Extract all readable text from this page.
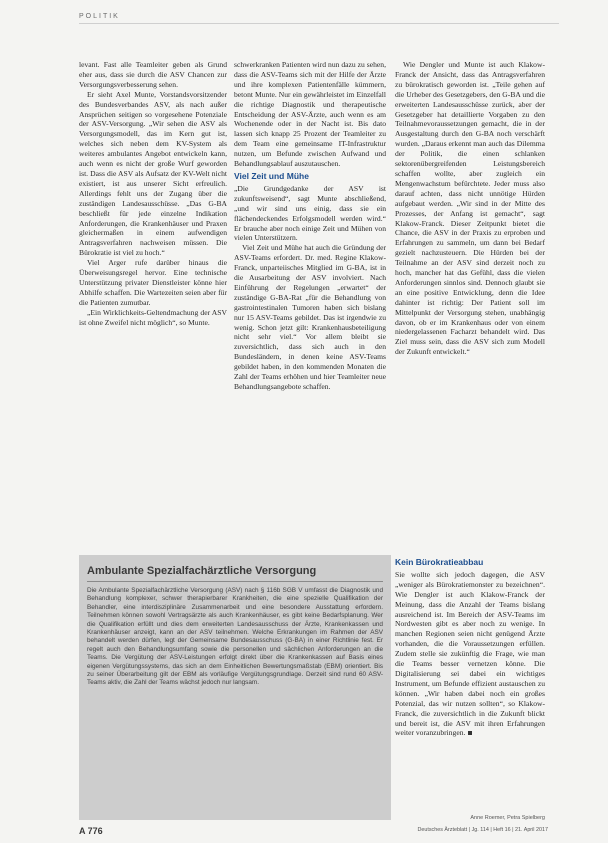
POLITIK

levant. Fast alle Teamleiter geben als Grund eher aus, dass sie durch die ASV Chancen zur Versorgungsverbesserung sehen.

Er sieht Axel Munte, Vorstandsvorsitzender des Bundesverbandes ASV, als nach außer Ansprüchen seitigen so vorgesehene Potenziale der ASV-Versorgung. „Wir sehen die ASV als Versorgungsmodell, das im Kern gut ist, welches sich neben dem KV-System als weiteres ambulantes Angebot entwickeln kann, auch wenn es nicht der große Wurf geworden ist. Dass die ASV als Aufsatz der KV-Welt nicht existiert, ist aus unserer Sicht erfreulich. Allerdings fehlt uns der Zugang über die zuständigen Landesausschüsse. „Das G-BA beschließt für jede einzelne Indikation Anforderungen, die Krankenhäuser und Praxen gleichermaßen in einem aufwendigen Antragsverfahren nachweisen müssen. Die Bürokratie ist viel zu hoch.“

Viel Arger rufe darüber hinaus die Überweisungsregel hervor. Eine technische Unterstützung privater Dienstleister könne hier Abhilfe schaffen. Die Wartezeiten seien aber für die Patienten zumutbar.

„Ein Wirklichkeits-Geltendmachung der ASV ist ohne Zweifel nicht möglich“, so Munte.

schwerkranken Patienten wird nun dazu zu sehen, dass die ASV-Teams sich mit der Hilfe der Ärzte und ihre komplexen Patientenfälle kümmern, betont Munte. Nur ein gewährleistet im Einzelfall die richtige Diagnostik und therapeutische Entscheidung der ASV-Ärzte, auch wenn es am Wochenende oder in der Nacht ist. Bis dato lassen sich knapp 25 Prozent der Teamleiter zu dem Team eine gemeinsame IT-Infrastruktur nutzen, um Befunde zwischen Aufwand und Behandlungsablauf auszutauschen.

Viel Zeit und Mühe

„Die Grundgedanke der ASV ist zukunftsweisend“, sagt Munte abschließend, „und wir sind uns einig, dass sie ein flächendeckendes Erfolgsmodell werden wird.“ Er brauche aber noch einige Zeit und Mühen von vielen Unterstützern.

Viel Zeit und Mühe hat auch die Gründung der ASV-Teams erfordert. Dr. med. Regine Klakow-Franck, unparteiisches Mitglied im G-BA, ist in die Ausarbeitung der ASV involviert. Nach Einführung der Regelungen „erwartet“ der zuständige G-BA-Rat „für die Behandlung von gastrointestinalen Tumoren haben sich bislang nur 15 ASV-Teams gebildet. Das ist irgendwie zu wenig. Schon jetzt gilt: Krankenhausbeteiligung nicht sehr viel.“ Vor allem bleibt sie zuversichtlich, dass sich auch in den Bundesländern, in denen keine ASV-Teams gebildet haben, in den kommenden Monaten die Zahl der Teams erhöhen und hier Teamleiter neue Behandlungsangebote schaffen.

Wie Dengler und Munte ist auch Klakow-Franck der Ansicht, dass das Antragsverfahren zu bürokratisch geworden ist. „Teile gehen auf die Urheber des Gesetzgebers, den G-BA und die erweiterten Landesausschüsse zurück, aber der Gesetzgeber hat detaillierte Vorgaben zu den Teilnahmevoraussetzungen gemacht, die in der Ausgestaltung durch den G-BA noch verschärft wurden. „Daraus erkennt man auch das Dilemma der Politik, die einen schlanken sektorenübergreifenden Leistungsbereich schaffen wollte, aber zugleich ein Mengenwachstum befürchtete. Jeder muss also darauf achten, dass nicht unnötige Hürden aufgebaut werden. „Wir sind in der Mitte des Prozesses, der Anfang ist gemacht“, sagt Klakow-Franck. Dieser Zeitpunkt bietet die Chance, die ASV in der Praxis zu erproben und Erfahrungen zu sammeln, um dann bei Bedarf gezielt nachzusteuern. Die Hürden bei der Teilnahme an der ASV sind derzeit noch zu hoch, mancher hat das Gefühl, dass die vielen Anforderungen sinnlos sind. Dennoch glaubt sie an eine positive Entwicklung, denn die Idee dahinter ist richtig: Der Patient soll im Mittelpunkt der Versorgung stehen, unabhängig davon, ob er im Krankenhaus oder von einem niedergelassenen Facharzt behandelt wird. Das Ziel muss sein, dass die ASV sich zum Modell der Zukunft entwickelt.“

Kein Bürokratieabbau

Sie wollte sich jedoch dagegen, die ASV „weniger als Bürokratiemonster zu bezeichnen“. Wie Dengler ist auch Klakow-Franck der Meinung, dass die Anzahl der Teams bislang ausreichend ist. Im Bereich der ASV-Teams im Nordwesten gibt es aber noch zu wenige. In manchen Regionen seien nicht genügend Ärzte vorhanden, die die Voraussetzungen erfüllen. Zudem stelle sie zukünftig die Frage, wie man die Teams besser vernetzen könne. Die Digitalisierung sei dabei ein wichtiges Instrument, um Befunde effizient austauschen zu können. „Wir haben dabei noch ein großes Potenzial, das wir nutzen sollten“, so Klakow-Franck, die zuversichtlich in die Zukunft blickt und bereit ist, die ASV mit ihren Erfahrungen weiter voranzubringen.

Ambulante Spezialfachärztliche Versorgung
Die Ambulante Spezialfachärztliche Versorgung (ASV) nach § 116b SGB V umfasst die Diagnostik und Behandlung komplexer, schwer therapierbarer Krankheiten, die eine spezielle Qualifikation der Behandler, eine interdisziplinäre Zusammenarbeit und eine besondere Ausstattung erfordern. Teilnehmen können sowohl Vertragsärzte als auch Krankenhäuser, es gibt keine Bedarfsplanung. Wer die Qualifikation erfüllt und dies dem erweiterten Landesausschuss der Ärzte, Krankenkassen und Krankenhäuser anzeigt, kann an der ASV teilnehmen. Welche Erkrankungen im Rahmen der ASV behandelt werden dürfen, legt der Gemeinsame Bundesausschuss (G-BA) in einer Richtlinie fest. Er regelt auch den Behandlungsumfang sowie die personellen und sächlichen Anforderungen an die Teams. Die Vergütung der ASV-Leistungen erfolgt direkt über die Krankenkassen auf Basis eines eigenen Vergütungssystems, das sich an dem Einheitlichen Bewertungsmaßstab (EBM) orientiert. Bis zu seiner Überarbeitung gilt der EBM als vorläufige Vergütungsgrundlage. Derzeit sind rund 60 ASV-Teams aktiv, die Zahl der Teams wächst jedoch nur langsam.
Anne Roemer, Petra Spielberg
A 776	Deutsches Ärzteblatt | Jg. 114 | Heft 16 | 21. April 2017
